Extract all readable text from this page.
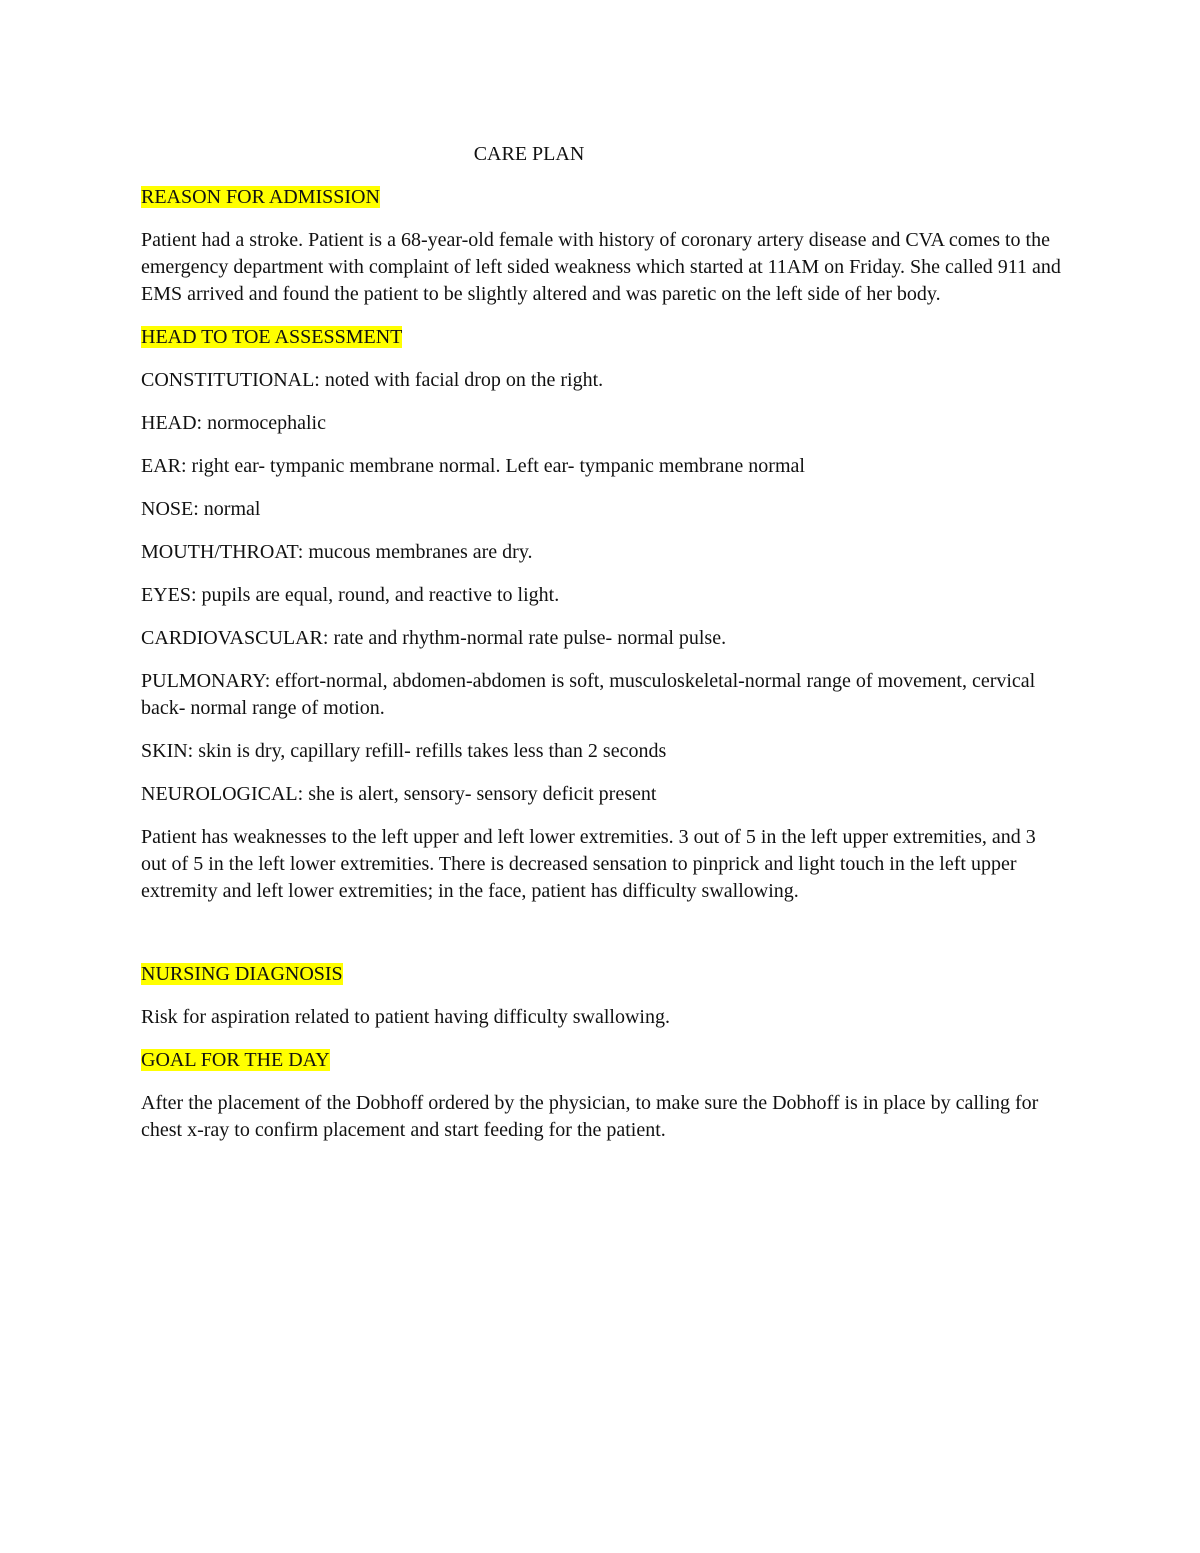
CARE PLAN
REASON FOR ADMISSION

Patient had a stroke. Patient is a 68-year-old female with history of coronary artery disease and CVA comes to the emergency department with complaint of left sided weakness which started at 11AM on Friday. She called 911 and EMS arrived and found the patient to be slightly altered and was paretic on the left side of her body.

HEAD TO TOE ASSESSMENT

CONSTITUTIONAL: noted with facial drop on the right.

HEAD: normocephalic

EAR: right ear- tympanic membrane normal. Left ear- tympanic membrane normal

NOSE: normal

MOUTH/THROAT: mucous membranes are dry.

EYES: pupils are equal, round, and reactive to light.

CARDIOVASCULAR: rate and rhythm-normal rate pulse- normal pulse.

PULMONARY: effort-normal, abdomen-abdomen is soft, musculoskeletal-normal range of movement, cervical back- normal range of motion.

SKIN: skin is dry, capillary refill- refills takes less than 2 seconds

NEUROLOGICAL: she is alert, sensory- sensory deficit present

Patient has weaknesses to the left upper and left lower extremities. 3 out of 5 in the left upper extremities, and 3 out of 5 in the left lower extremities. There is decreased sensation to pinprick and light touch in the left upper extremity and left lower extremities; in the face, patient has difficulty swallowing.

NURSING DIAGNOSIS

Risk for aspiration related to patient having difficulty swallowing.

GOAL FOR THE DAY

After the placement of the Dobhoff ordered by the physician, to make sure the Dobhoff is in place by calling for chest x-ray to confirm placement and start feeding for the patient.
